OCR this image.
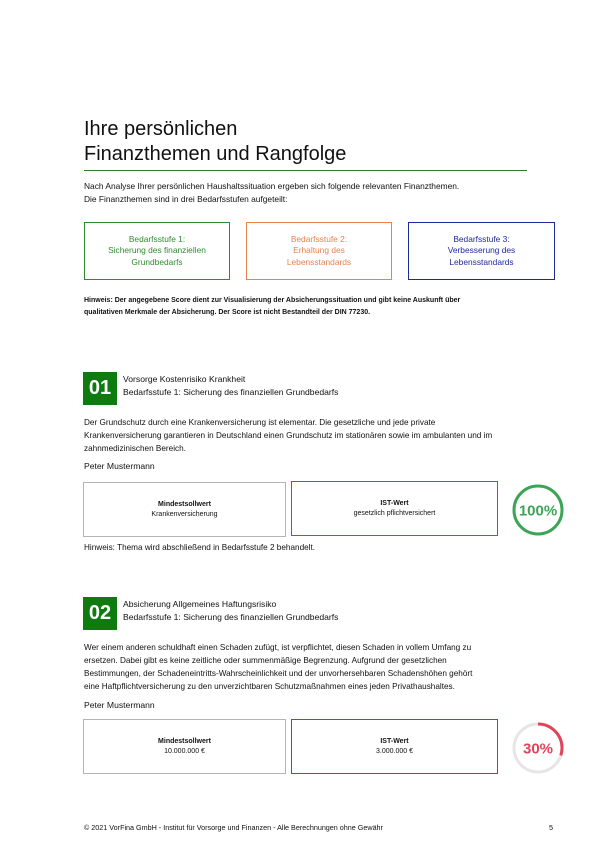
Ihre persönlichen
Finanzthemen und Rangfolge
Nach Analyse Ihrer persönlichen Haushaltssituation ergeben sich folgende relevanten Finanzthemen.
Die Finanzthemen sind in drei Bedarfsstufen aufgeteilt:
Bedarfsstufe 1:
Sicherung des finanziellen
Grundbedarfs
Bedarfsstufe 2:
Erhaltung des
Lebensstandards
Bedarfsstufe 3:
Verbesserung des
Lebensstandards
Hinweis: Der angegebene Score dient zur Visualisierung der Absicherungssituation und gibt keine Auskunft über
qualitativen Merkmale der Absicherung. Der Score ist nicht Bestandteil der DIN 77230.
01	Vorsorge Kostenrisiko Krankheit
Bedarfsstufe 1: Sicherung des finanziellen Grundbedarfs
Der Grundschutz durch eine Krankenversicherung ist elementar. Die gesetzliche und jede private
Krankenversicherung garantieren in Deutschland einen Grundschutz im stationären sowie im ambulanten und im
zahnmedizinischen Bereich.
Peter Mustermann
Mindestsollwert
Krankenversicherung
IST-Wert
gesetzlich pflichtversichert	100%
Hinweis: Thema wird abschließend in Bedarfsstufe 2 behandelt.
02	Absicherung Allgemeines Haftungsrisiko
Bedarfsstufe 1: Sicherung des finanziellen Grundbedarfs
Wer einem anderen schuldhaft einen Schaden zufügt, ist verpflichtet, diesen Schaden in vollem Umfang zu
ersetzen. Dabei gibt es keine zeitliche oder summenmäßige Begrenzung. Aufgrund der gesetzlichen
Bestimmungen, der Schadeneintritts-Wahrscheinlichkeit und der unvorhersehbaren Schadenshöhen gehört
eine Haftpflichtversicherung zu den unverzichtbaren Schutzmaßnahmen eines jeden Privathaushaltes.
Peter Mustermann
Mindestsollwert
10.000.000 €
IST-Wert
3.000.000 €	30%
© 2021 VorFina GmbH - Institut für Vorsorge und Finanzen - Alle Berechnungen ohne Gewähr	5
